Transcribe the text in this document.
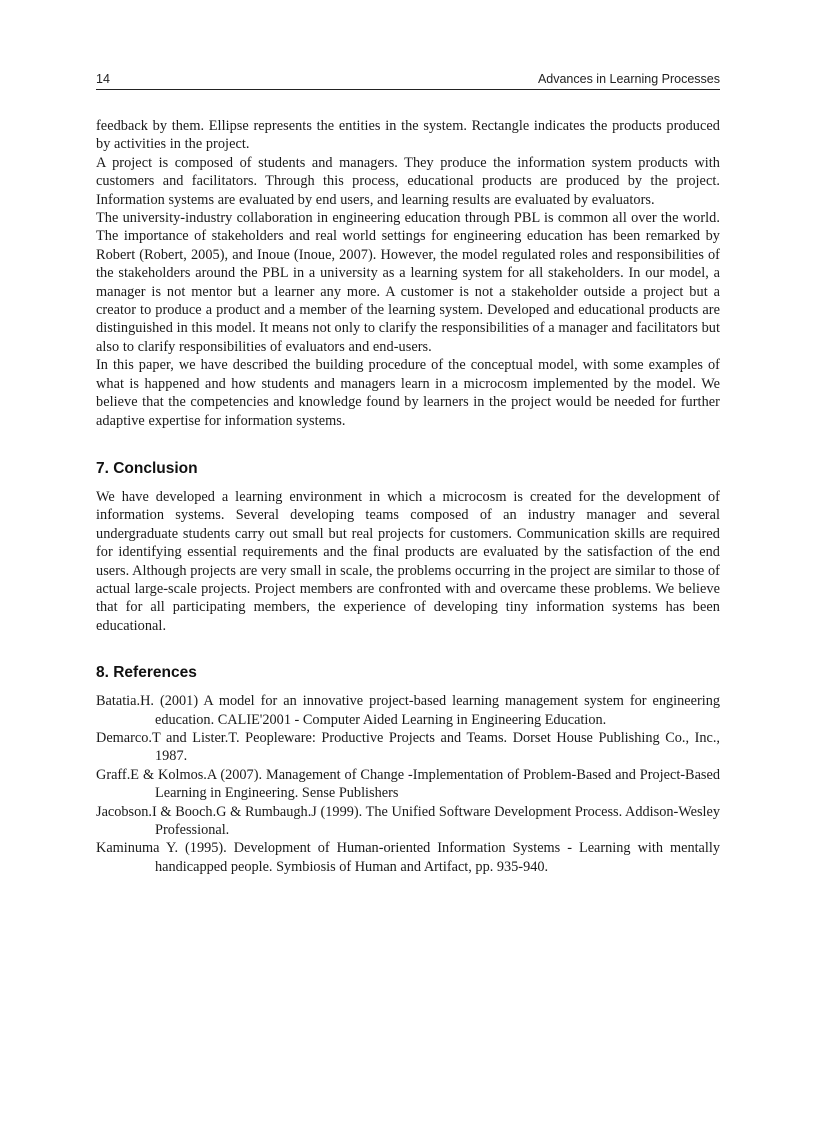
14	Advances in Learning Processes

feedback by them. Ellipse represents the entities in the system. Rectangle indicates the products produced by activities in the project.

A project is composed of students and managers. They produce the information system products with customers and facilitators. Through this process, educational products are produced by the project. Information systems are evaluated by end users, and learning results are evaluated by evaluators.

The university-industry collaboration in engineering education through PBL is common all over the world. The importance of stakeholders and real world settings for engineering education has been remarked by Robert (Robert, 2005), and Inoue (Inoue, 2007). However, the model regulated roles and responsibilities of the stakeholders around the PBL in a university as a learning system for all stakeholders. In our model, a manager is not mentor but a learner any more. A customer is not a stakeholder outside a project but a creator to produce a product and a member of the learning system. Developed and educational products are distinguished in this model. It means not only to clarify the responsibilities of a manager and facilitators but also to clarify responsibilities of evaluators and end-users.

In this paper, we have described the building procedure of the conceptual model, with some examples of what is happened and how students and managers learn in a microcosm implemented by the model. We believe that the competencies and knowledge found by learners in the project would be needed for further adaptive expertise for information systems.

7. Conclusion

We have developed a learning environment in which a microcosm is created for the development of information systems. Several developing teams composed of an industry manager and several undergraduate students carry out small but real projects for customers. Communication skills are required for identifying essential requirements and the final products are evaluated by the satisfaction of the end users. Although projects are very small in scale, the problems occurring in the project are similar to those of actual large-scale projects. Project members are confronted with and overcame these problems. We believe that for all participating members, the experience of developing tiny information systems has been educational.

8. References
Batatia.H. (2001) A model for an innovative project-based learning management system for engineering education. CALIE'2001 - Computer Aided Learning in Engineering Education.
Demarco.T and Lister.T. Peopleware: Productive Projects and Teams. Dorset House Publishing Co., Inc., 1987.
Graff.E & Kolmos.A (2007). Management of Change -Implementation of Problem-Based and Project-Based Learning in Engineering. Sense Publishers
Jacobson.I & Booch.G & Rumbaugh.J (1999). The Unified Software Development Process. Addison-Wesley Professional.
Kaminuma Y. (1995). Development of Human-oriented Information Systems - Learning with mentally handicapped people. Symbiosis of Human and Artifact, pp. 935-940.
